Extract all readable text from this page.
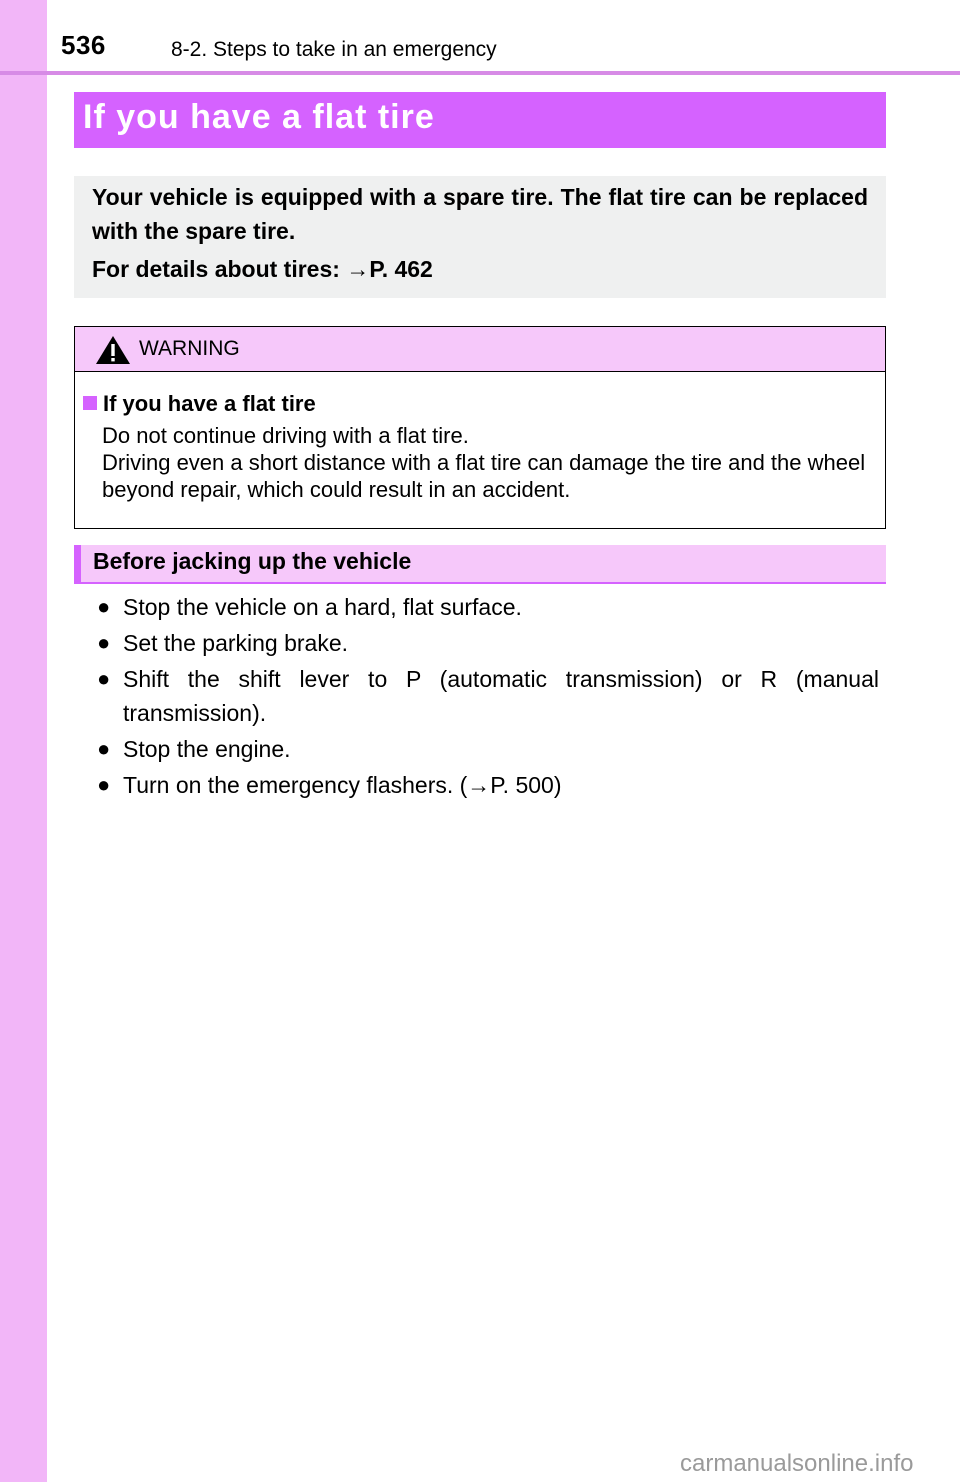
536	8-2. Steps to take in an emergency
If you have a flat tire
Your vehicle is equipped with a spare tire. The flat tire can be replaced with the spare tire.
For details about tires: →P. 462
WARNING
If you have a flat tire
Do not continue driving with a flat tire.
Driving even a short distance with a flat tire can damage the tire and the wheel beyond repair, which could result in an accident.
Before jacking up the vehicle
● Stop the vehicle on a hard, flat surface.
● Set the parking brake.
● Shift the shift lever to P (automatic transmission) or R (manual transmission).
● Stop the engine.
● Turn on the emergency flashers. (→P. 500)
carmanualsonline.info
